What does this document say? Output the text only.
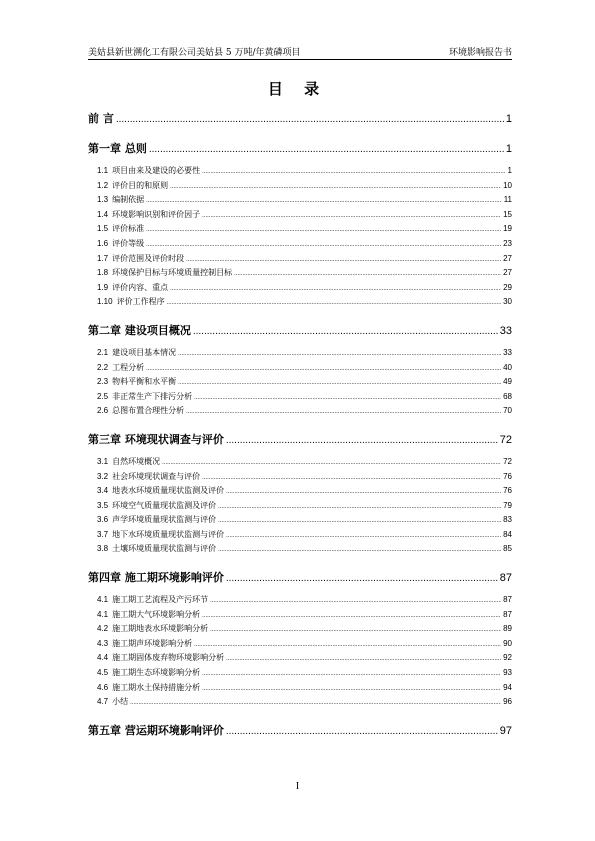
美姑县新世溯化工有限公司美姑县 5 万吨/年黄磷项目	环境影响报告书
目 录
前 言 .....	1
第一章 总则 .....	1
1.1 项目由来及建设的必要性 .....	1
1.2 评价目的和原则 .....	10
1.3 编制依据 .....	11
1.4 环境影响识别和评价因子 .....	15
1.5 评价标准 .....	19
1.6 评价等级 .....	23
1.7 评价范围及评价时段 .....	27
1.8 环境保护目标与环境质量控制目标 .....	27
1.9 评价内容、重点 .....	29
1.10 评价工作程序 .....	30
第二章 建设项目概况 .....	33
2.1 建设项目基本情况 .....	33
2.2 工程分析 .....	40
2.3 物料平衡和水平衡 .....	49
2.5 非正常生产下排污分析 .....	68
2.6 总图布置合理性分析 .....	70
第三章 环境现状调查与评价 .....	72
3.1 自然环境概况 .....	72
3.2 社会环境现状调查与评价 .....	76
3.4 地表水环境质量现状监测及评价 .....	76
3.5 环境空气质量现状监测及评价 .....	79
3.6 声学环境质量现状监测与评价 .....	83
3.7 地下水环境质量现状监测与评价 .....	84
3.8 土壤环境质量现状监测与评价 .....	85
第四章 施工期环境影响评价 .....	87
4.1 施工期工艺流程及产污环节 .....	87
4.1 施工期大气环境影响分析 .....	87
4.2 施工期地表水环境影响分析 .....	89
4.3 施工期声环境影响分析 .....	90
4.4 施工期固体废弃物环境影响分析 .....	92
4.5 施工期生态环境影响分析 .....	93
4.6 施工期水土保持措施分析 .....	94
4.7 小结 .....	96
第五章 营运期环境影响评价 .....	97
I
